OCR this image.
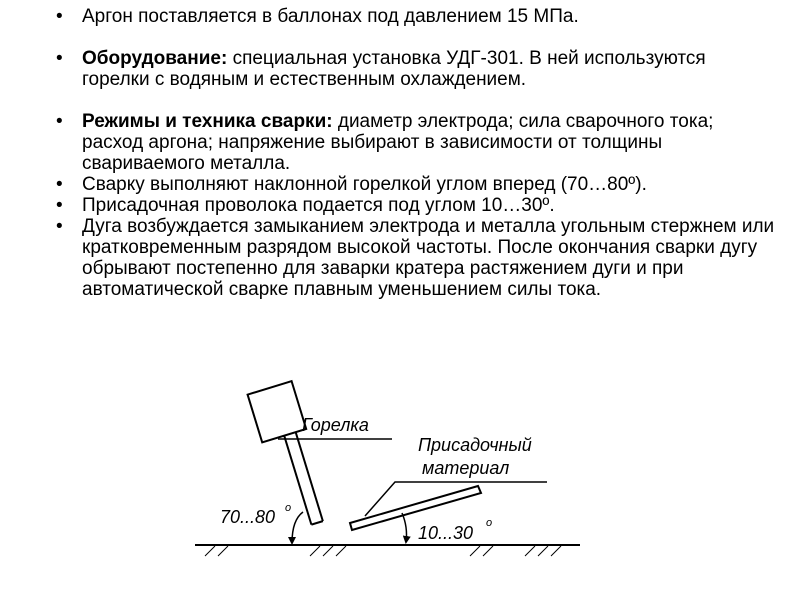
• Аргон поставляется в баллонах под давлением 15 МПа.
• Оборудование: специальная установка УДГ-301. В ней используются горелки с водяным и естественным охлаждением.
• Режимы и техника сварки: диаметр электрода; сила сварочного тока; расход аргона; напряжение выбирают в зависимости от толщины свариваемого металла.
• Сварку выполняют наклонной горелкой углом вперед (70…80º).
• Присадочная проволока подается под углом 10…30º.
• Дуга возбуждается замыканием электрода и металла угольным стержнем или кратковременным разрядом высокой частоты. После окончания сварки дугу обрывают постепенно для заварки кратера растяжением дуги и при автоматической сварке плавным уменьшением силы тока.
Горелка
Присадочный
материал
70...80 o
10...30 o
